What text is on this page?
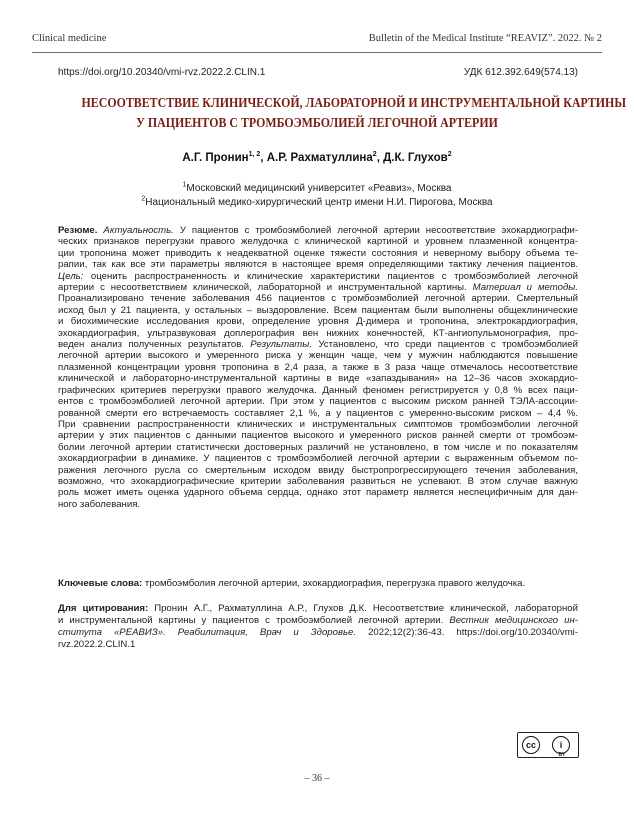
Clinical medicine	Bulletin of the Medical Institute “REAVIZ”. 2022. № 2
https://doi.org/10.20340/vmi-rvz.2022.2.CLIN.1	УДК 612.392.649(574.13)
НЕСООТВЕТСТВИЕ КЛИНИЧЕСКОЙ, ЛАБОРАТОРНОЙ И ИНСТРУМЕНТАЛЬНОЙ КАРТИНЫ
У ПАЦИЕНТОВ С ТРОМБОЭМБОЛИЕЙ ЛЕГОЧНОЙ АРТЕРИИ
А.Г. Пронин$^{1, 2}$, А.Р. Рахматуллина$^2$, Д.К. Глухов$^2$
$^1$Московский медицинский университет «Реавиз», Москва
$^2$Национальный медико-хирургический центр имени Н.И. Пирогова, Москва
Резюме. Актуальность. У пациентов с тромбоэмболией легочной артерии несоответствие эхокардиографи-
ческих признаков перегрузки правого желудочка с клинической картиной и уровнем плазменной концентра-
ции тропонина может приводить к неадекватной оценке тяжести состояния и неверному выбору объема те-
рапии, так как все эти параметры являются в настоящее время определяющими тактику лечения пациентов.
Цель: оценить распространенность и клинические характеристики пациентов с тромбоэмболией легочной
артерии с несоответствием клинической, лабораторной и инструментальной картины. Материал и методы.
Проанализировано течение заболевания 456 пациентов с тромбоэмболией легочной артерии. Смертельный
исход был у 21 пациента, у остальных – выздоровление. Всем пациентам были выполнены общеклинические
и биохимические исследования крови, определение уровня Д-димера и тропонина, электрокардиография,
эхокардиография, ультразвуковая доплерография вен нижних конечностей, КТ-ангиопульмонография, про-
веден анализ полученных результатов. Результаты. Установлено, что среди пациентов с тромбоэмболией
легочной артерии высокого и умеренного риска у женщин чаще, чем у мужчин наблюдаются повышение
плазменной концентрации уровня тропонина в 2,4 раза, а также в 3 раза чаще отмечалось несоответствие
клинической и лабораторно-инструментальной картины в виде «запаздывания» на 12–36 часов эхокардио-
графических критериев перегрузки правого желудочка. Данный феномен регистрируется у 0,8 % всех паци-
ентов с тромбоэмболией легочной артерии. При этом у пациентов с высоким риском ранней ТЭЛА-ассоции-
рованной смерти его встречаемость составляет 2,1 %, а у пациентов с умеренно-высоким риском – 4,4 %.
При сравнении распространенности клинических и инструментальных симптомов тромбоэмболии легочной
артерии у этих пациентов с данными пациентов высокого и умеренного рисков ранней смерти от тромбоэм-
болии легочной артерии статистически достоверных различий не установлено, в том числе и по показателям
эхокардиографии в динамике. У пациентов с тромбоэмболией легочной артерии с выраженным объемом по-
ражения легочного русла со смертельным исходом ввиду быстропрогрессирующего течения заболевания,
возможно, что эхокардиографические критерии заболевания развиться не успевают. В этом случае важную
роль может иметь оценка ударного объема сердца, однако этот параметр является неспецифичным для дан-
ного заболевания.
Ключевые слова: тромбоэмболия легочной артерии, эхокардиография, перегрузка правого желудочка.
Для цитирования: Пронин А.Г., Рахматуллина А.Р., Глухов Д.К. Несоответствие клинической, лабораторной
и инструментальной картины у пациентов с тромбоэмболией легочной артерии. Вестник медицинского ин-
ститута «РЕАВИЗ». Реабилитация, Врач и Здоровье. 2022;12(2):36-43. https://doi.org/10.20340/vmi-
rvz.2022.2.CLIN.1
cc	i
BY
– 36 –
